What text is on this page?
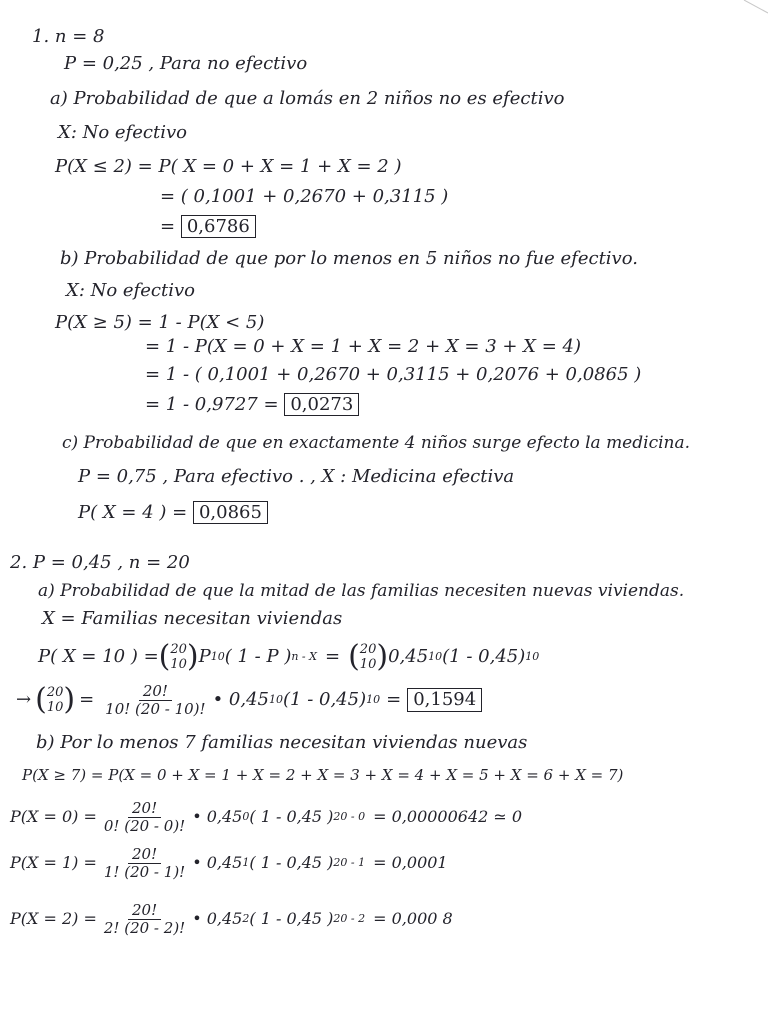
1. n = 8
P = 0,25 , Para no efectivo
a) Probabilidad de que a lomás en 2 niños no es efectivo
X: No efectivo
P(X ≤ 2) = P( X = 0 + X = 1 + X = 2 )
= ( 0,1001 + 0,2670 + 0,3115 )
= 0,6786
b) Probabilidad de que por lo menos en 5 niños no fue efectivo.
X: No efectivo
P(X ≥ 5) = 1 - P(X < 5)
= 1 - P(X = 0 + X = 1 + X = 2 + X = 3 + X = 4)
= 1 - ( 0,1001 + 0,2670 + 0,3115 + 0,2076 + 0,0865 )
= 1 - 0,9727 = 0,0273
c) Probabilidad de que en exactamente 4 niños surge efecto la medicina.
P = 0,75 , Para efectivo . , X : Medicina efectiva
P( X = 4 ) = 0,0865
2. P = 0,45 , n = 20
a) Probabilidad de que la mitad de las familias necesiten nuevas viviendas.
X = Familias necesitan viviendas
P( X = 10 ) = ( 20
10 ) P 10 ( 1 - P ) n - X = ( 20
10 ) 0,45 10 (1 - 0,45) 10
→ ( 20
10 ) = $\frac{20!}{10! (20 - 10)!}$ • 0,45 10 (1 - 0,45) 10 = 0,1594
b) Por lo menos 7 familias necesitan viviendas nuevas
P(X ≥ 7) = P(X = 0 + X = 1 + X = 2 + X = 3 + X = 4 + X = 5 + X = 6 + X = 7)
$P(X = 0) = \frac{20!}{0! (20 - 0)!}$ • 0,45 0 ( 1 - 0,45 ) 20 - 0 = 0,00000642 ≃ 0
$P(X = 1) = \frac{20!}{1! (20 - 1)!}$ • 0,45 1 ( 1 - 0,45 ) 20 - 1 = 0,0001
$P(X = 2) = \frac{20!}{2! (20 - 2)!}$ • 0,45 2 ( 1 - 0,45 ) 20 - 2 = 0,000 8
